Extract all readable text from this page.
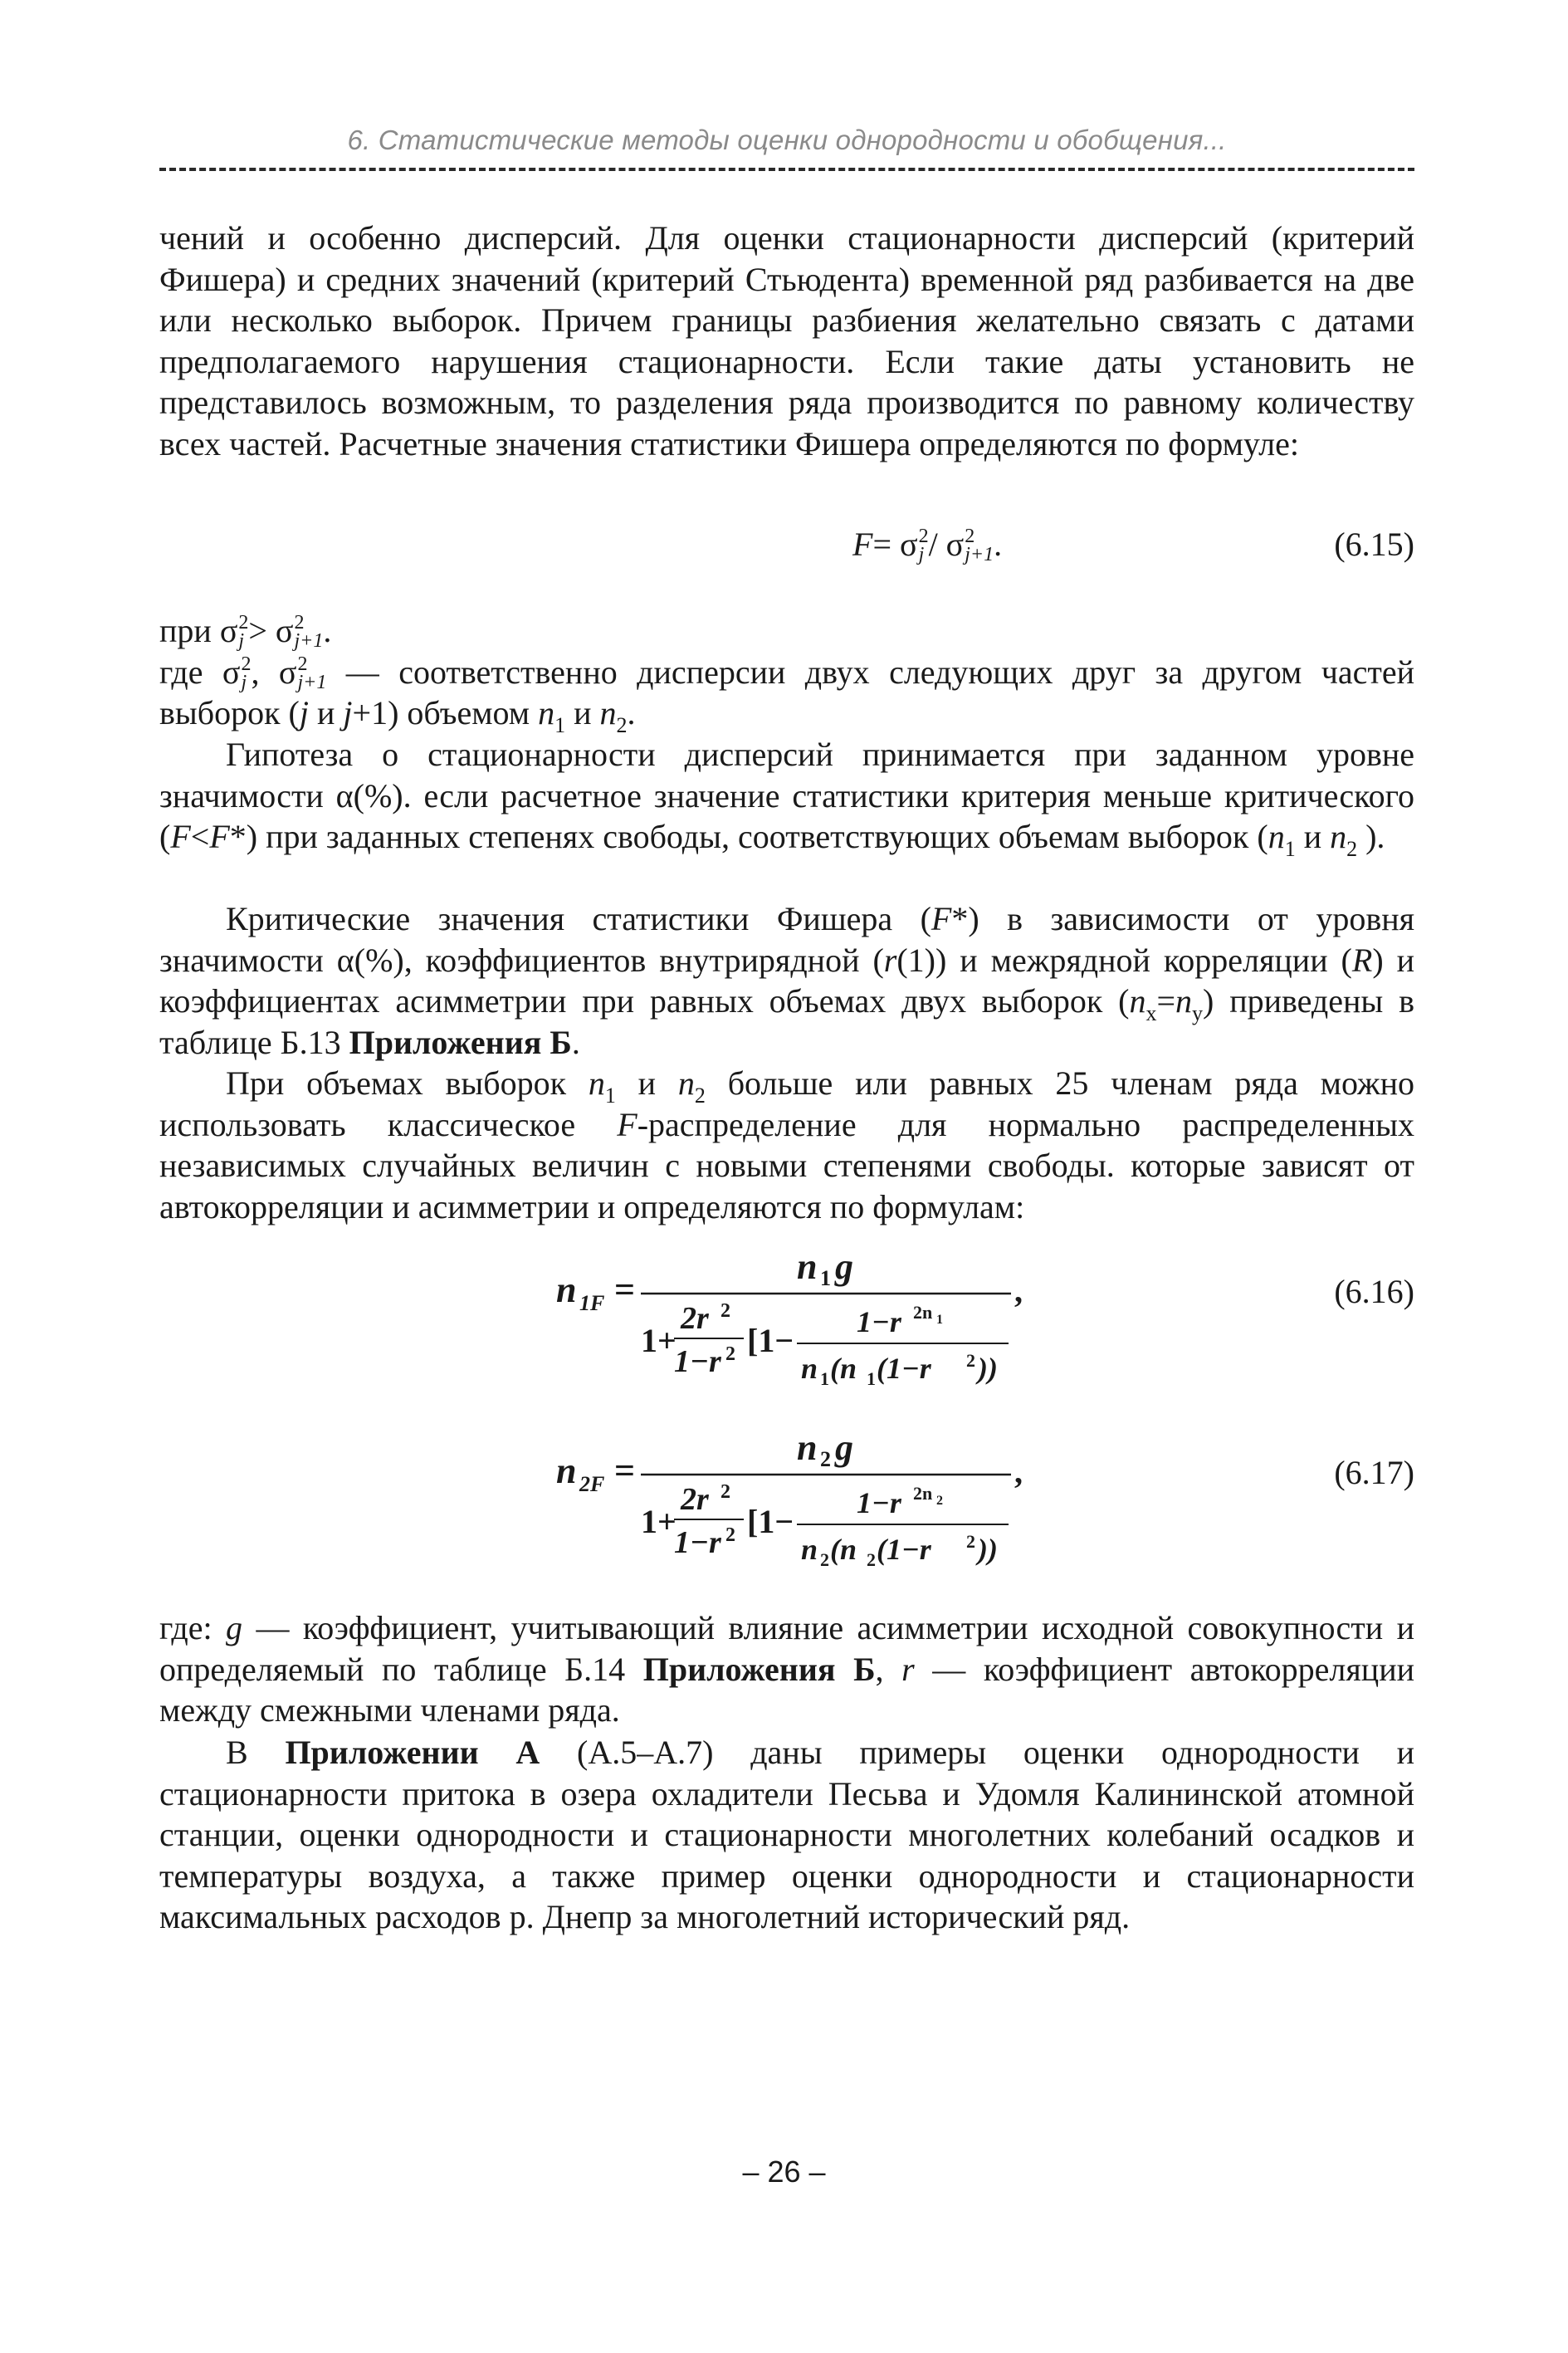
6. Статистические методы оценки однородности и обобщения...

чений и особенно дисперсий. Для оценки стационарности дисперсий (критерий Фишера) и средних значений (критерий Стьюдента) временной ряд разбивается на две или несколько выборок. Причем границы разбиения желательно связать с датами предполагаемого нарушения стационарности. Если такие даты установить не представилось возможным, то разделения ряда производится по равному количеству всех частей. Расчетные значения статистики Фишера определяются по формуле:

F= σ 2
j / σ 2
j+1 .	(6.15)

при σ 2
j > σ 2
j+1 .

где σ 2
j , σ 2
j+1 — соответственно дисперсии двух следующих друг за другом частей выборок (j и j+1) объемом $n_1$ и $n_2$.

Гипотеза о стационарности дисперсий принимается при заданном уровне значимости α(%). если расчетное значение статистики критерия меньше критического (F<F*) при заданных степенях свободы, соответствующих объемам выборок ($n_1$ и $n_2$ ).

Критические значения статистики Фишера (F*) в зависимости от уровня значимости α(%), коэффициентов внутрирядной (r(1)) и межрядной корреляции (R) и коэффициентах асимметрии при равных объемах двух выборок $(n_x=n_y)$ приведены в таблице Б.13 Приложения Б.

При объемах выборок $n_1$ и $n_2$ больше или равных 25 членам ряда можно использовать классическое F-распределение для нормально распределенных независимых случайных величин с новыми степенями свободы. которые зависят от автокорреляции и асимметрии и определяются по формулам:

n 1F =
n 1 g
1+
2r 2
1−r 2 [1− 1−r 2n 1
n 1 (n 1 (1−r 2 ))
,	(6.16)
n 2F =
n 2 g
1+
2r 2
1−r 2 [1− 1−r 2n 2
n 2 (n 2 (1−r 2 ))
,	(6.17)

где: g — коэффициент, учитывающий влияние асимметрии исходной совокупности и определяемый по таблице Б.14 Приложения Б, r — коэффициент автокорреляции между смежными членами ряда.

В Приложении А (А.5–А.7) даны примеры оценки однородности и стационарности притока в озера охладители Песьва и Удомля Калининской атомной станции, оценки однородности и стационарности многолетних колебаний осадков и температуры воздуха, а также пример оценки однородности и стационарности максимальных расходов р. Днепр за многолетний исторический ряд.

– 26 –
